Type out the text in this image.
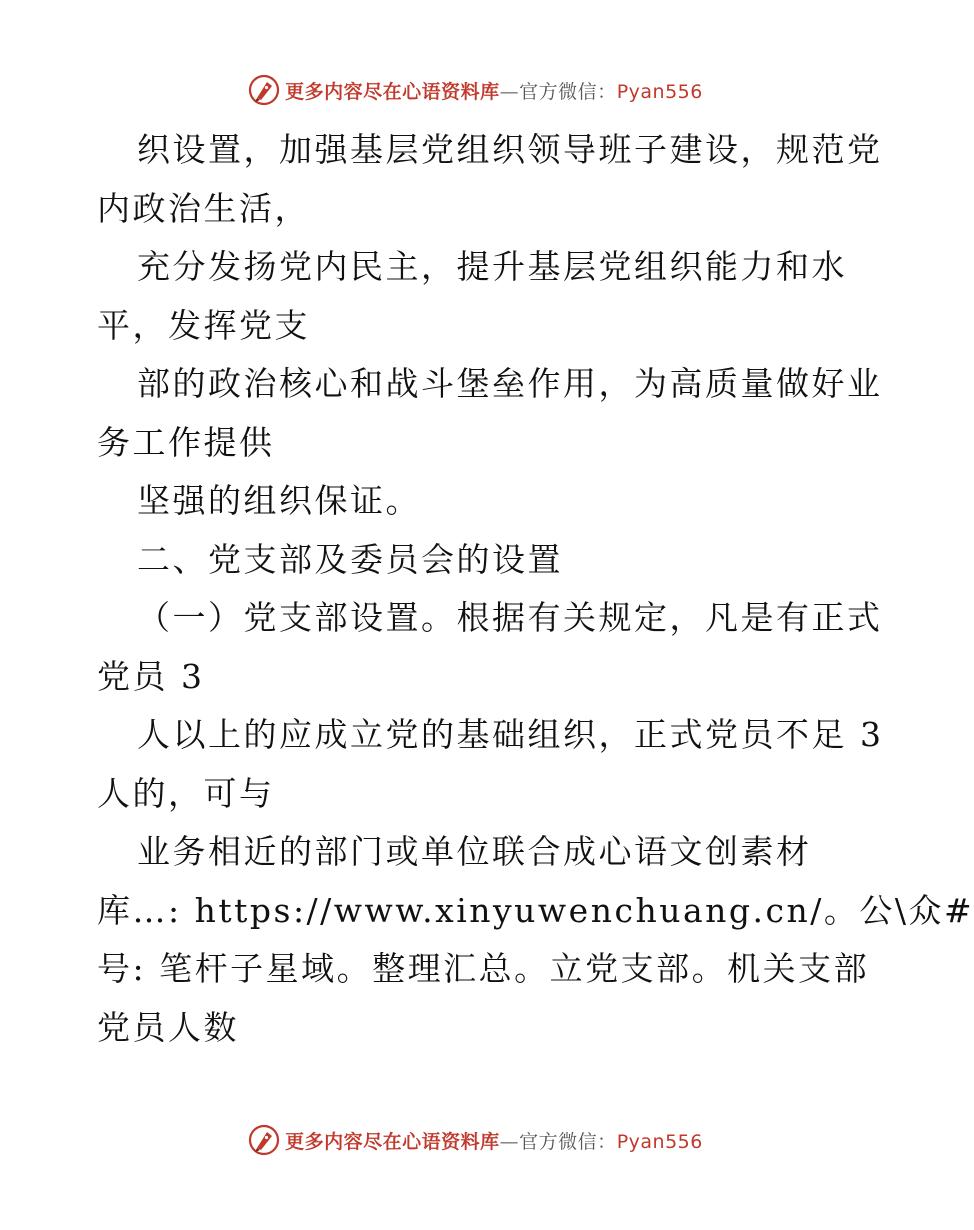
更多内容尽在心语资料库—官方微信：Pyan556
织设置，加强基层党组织领导班子建设，规范党
内政治生活，
充分发扬党内民主，提升基层党组织能力和水
平，发挥党支
部的政治核心和战斗堡垒作用，为高质量做好业
务工作提供
坚强的组织保证。
二、党支部及委员会的设置
（一）党支部设置。根据有关规定，凡是有正式
党员 3
人以上的应成立党的基础组织，正式党员不足 3
人的，可与
业务相近的部门或单位联合成心语文创素材
库…: https://www.xinyuwenchuang.cn/。公\众#
号: 笔杆子星域。整理汇总。立党支部。机关支部
党员人数
更多内容尽在心语资料库—官方微信：Pyan556
